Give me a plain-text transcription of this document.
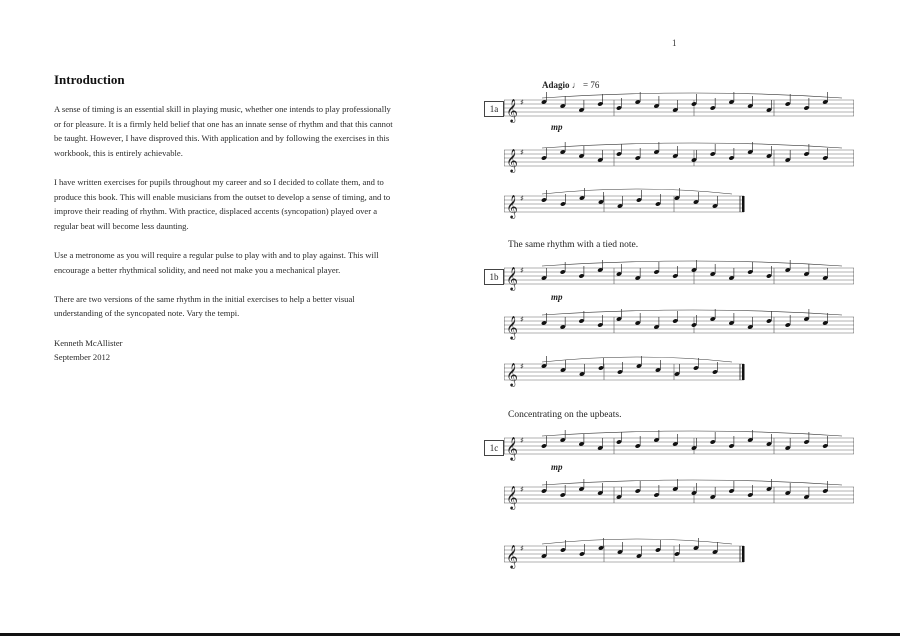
Introduction

A sense of timing is an essential skill in playing music, whether one intends to play professionally or for pleasure. It is a firmly held belief that one has an innate sense of rhythm and that this cannot be taught. However, I have disproved this. With application and by following the exercises in this workbook, this is entirely achievable.

I have written exercises for pupils throughout my career and so I decided to collate them, and to produce this book. This will enable musicians from the outset to develop a sense of timing, and to improve their reading of rhythm. With practice, displaced accents (syncopation) played over a regular beat will become less daunting.

Use a metronome as you will require a regular pulse to play with and to play against. This will encourage a better rhythmical solidity, and need not make you a mechanical player.

There are two versions of the same rhythm in the initial exercises to help a better visual understanding of the syncopated note. Vary the tempi.

Kenneth McAllister
September 2012
1
Adagio ♩ = 76
1a
1b
1c
The same rhythm with a tied note.
Concentrating on the upbeats.
𝄞 ♯
𝄞 ♯
𝄞 ♯
𝄞 ♯
𝄞 ♯
𝄞 ♯
𝄞 ♯
𝄞 ♯
𝄞 ♯
mp
mp
mp
